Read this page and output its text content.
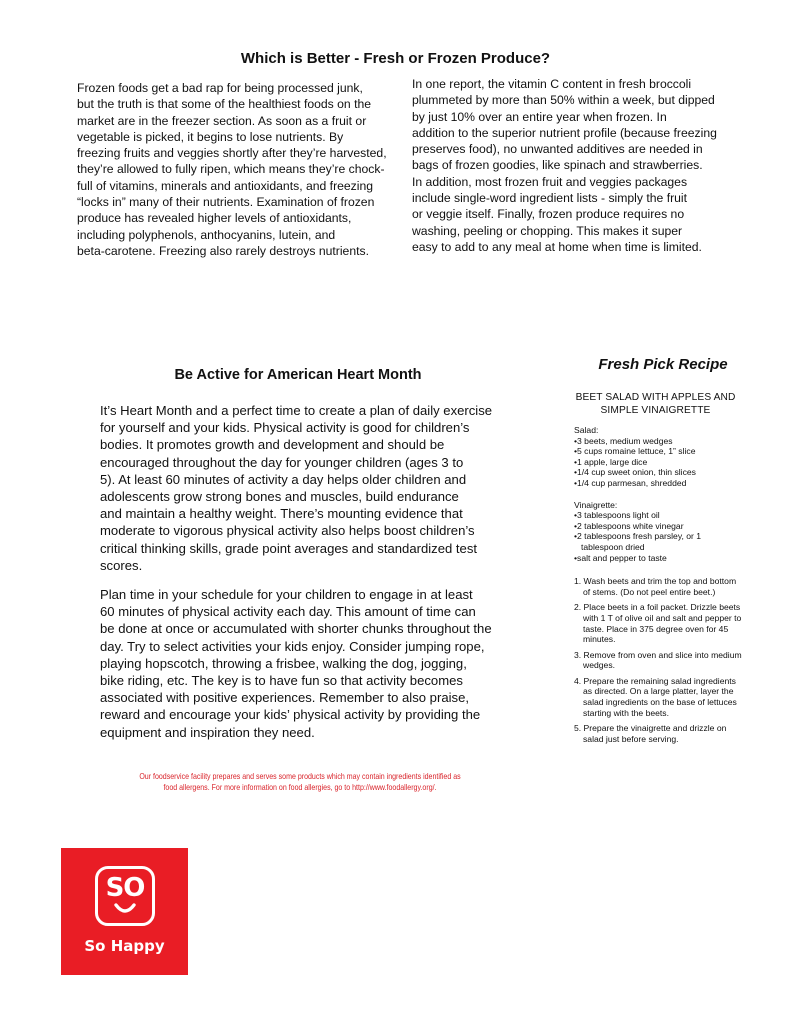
Which is Better - Fresh or Frozen Produce?
Frozen foods get a bad rap for being processed junk,
but the truth is that some of the healthiest foods on the
market are in the freezer section. As soon as a fruit or
vegetable is picked, it begins to lose nutrients. By
freezing fruits and veggies shortly after they’re harvested,
they’re allowed to fully ripen, which means they’re chock-
full of vitamins, minerals and antioxidants, and freezing
“locks in” many of their nutrients. Examination of frozen
produce has revealed higher levels of antioxidants,
including polyphenols, anthocyanins, lutein, and
beta-carotene. Freezing also rarely destroys nutrients.
In one report, the vitamin C content in fresh broccoli
plummeted by more than 50% within a week, but dipped
by just 10% over an entire year when frozen. In
addition to the superior nutrient profile (because freezing
preserves food), no unwanted additives are needed in
bags of frozen goodies, like spinach and strawberries.
In addition, most frozen fruit and veggies packages
include single-word ingredient lists - simply the fruit
or veggie itself. Finally, frozen produce requires no
washing, peeling or chopping. This makes it super
easy to add to any meal at home when time is limited.
Be Active for American Heart Month

It’s Heart Month and a perfect time to create a plan of daily exercise
for yourself and your kids. Physical activity is good for children’s
bodies. It promotes growth and development and should be
encouraged throughout the day for younger children (ages 3 to
5). At least 60 minutes of activity a day helps older children and
adolescents grow strong bones and muscles, build endurance
and maintain a healthy weight. There’s mounting evidence that
moderate to vigorous physical activity also helps boost children’s
critical thinking skills, grade point averages and standardized test
scores.

Plan time in your schedule for your children to engage in at least
60 minutes of physical activity each day. This amount of time can
be done at once or accumulated with shorter chunks throughout the
day. Try to select activities your kids enjoy. Consider jumping rope,
playing hopscotch, throwing a frisbee, walking the dog, jogging,
bike riding, etc. The key is to have fun so that activity becomes
associated with positive experiences. Remember to also praise,
reward and encourage your kids’ physical activity by providing the
equipment and inspiration they need.

Our foodservice facility prepares and serves some products which may contain ingredients identified as
food allergens. For more information on food allergies, go to http://www.foodallergy.org/.
Fresh Pick Recipe
BEET SALAD WITH APPLES AND
SIMPLE VINAIGRETTE

Salad:

• 3 beets, medium wedges
• 5 cups romaine lettuce, 1” slice
• 1 apple, large dice
• 1/4 cup sweet onion, thin slices
• 1/4 cup parmesan, shredded

Vinaigrette:

• 3 tablespoons light oil
• 2 tablespoons white vinegar
• 2 tablespoons fresh parsley, or 1 tablespoon dried
• salt and pepper to taste
1. Wash beets and trim the top and bottom of stems. (Do not peel entire beet.)
2. Place beets in a foil packet. Drizzle beets with 1 T of olive oil and salt and pepper to taste. Place in 375 degree oven for 45 minutes.
3. Remove from oven and slice into medium wedges.
4. Prepare the remaining salad ingredients as directed. On a large platter, layer the salad ingredients on the base of lettuces starting with the beets.
5. Prepare the vinaigrette and drizzle on salad just before serving.
SO
So Happy
